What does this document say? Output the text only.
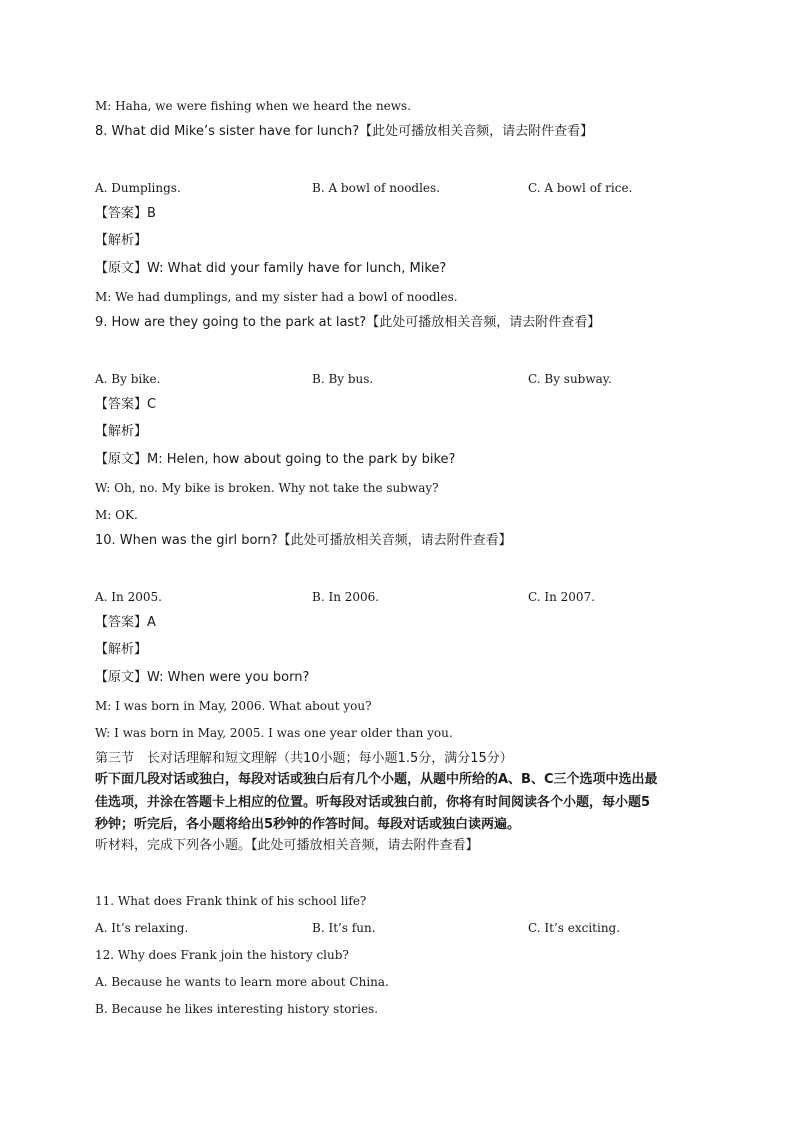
M: Haha, we were fishing when we heard the news.
8. What did Mike’s sister have for lunch?【此处可播放相关音频，请去附件查看】
A. Dumplings.	B. A bowl of noodles.	C. A bowl of rice.
【答案】B
【解析】
【原文】W: What did your family have for lunch, Mike?
M: We had dumplings, and my sister had a bowl of noodles.
9. How are they going to the park at last?【此处可播放相关音频，请去附件查看】
A. By bike.	B. By bus.	C. By subway.
【答案】C
【解析】
【原文】M: Helen, how about going to the park by bike?
W: Oh, no. My bike is broken. Why not take the subway?
M: OK.
10. When was the girl born?【此处可播放相关音频，请去附件查看】
A. In 2005.	B. In 2006.	C. In 2007.
【答案】A
【解析】
【原文】W: When were you born?
M: I was born in May, 2006. What about you?
W: I was born in May, 2005. I was one year older than you.
第三节　长对话理解和短文理解（共10小题；每小题1.5分，满分15分）
听下面几段对话或独白，每段对话或独白后有几个小题，从题中所给的A、B、C三个选项中选出最
佳选项，并涂在答题卡上相应的位置。听每段对话或独白前，你将有时间阅读各个小题，每小题5
秒钟；听完后，各小题将给出5秒钟的作答时间。每段对话或独白读两遍。
听材料，完成下列各小题。【此处可播放相关音频，请去附件查看】
11. What does Frank think of his school life?
A. It’s relaxing.	B. It’s fun.	C. It’s exciting.
12. Why does Frank join the history club?
A. Because he wants to learn more about China.
B. Because he likes interesting history stories.
